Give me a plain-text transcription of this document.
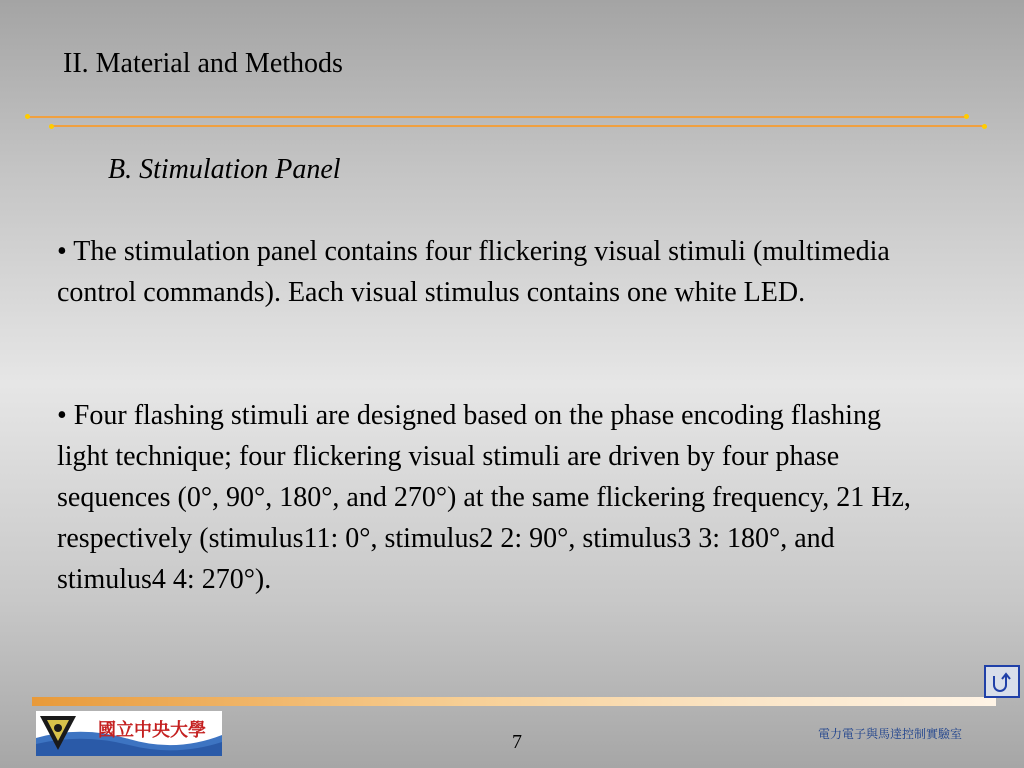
II. Material and Methods
B. Stimulation Panel

• The stimulation panel contains four flickering visual stimuli (multimedia control commands). Each visual stimulus contains one white LED.

• Four flashing stimuli are designed based on the phase encoding flashing light technique; four flickering visual stimuli are driven by four phase sequences (0°, 90°, 180°, and 270°) at the same flickering frequency, 21 Hz, respectively (stimulus11: 0°, stimulus2 2: 90°, stimulus3 3: 180°, and stimulus4 4: 270°).

國立中央大學
7	電力電子與馬達控制實驗室
